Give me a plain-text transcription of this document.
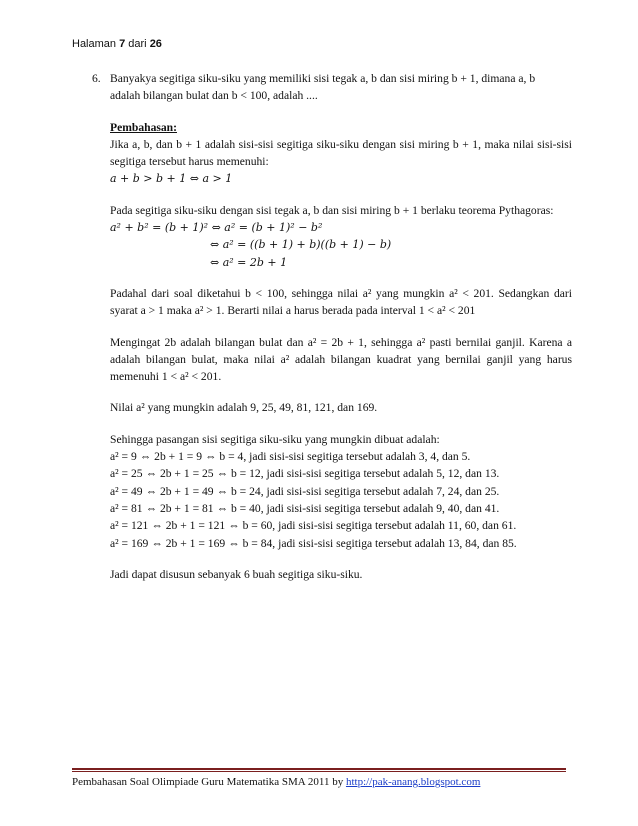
Halaman 7 dari 26
6. Banyakya segitiga siku-siku yang memiliki sisi tegak a, b dan sisi miring b + 1, dimana a, b
adalah bilangan bulat dan b < 100, adalah ....
Pembahasan:
Jika a, b, dan b + 1 adalah sisi-sisi segitiga siku-siku dengan sisi miring b + 1, maka nilai sisi-sisi segitiga tersebut harus memenuhi:
a + b > b + 1 ⇔ a > 1
Pada segitiga siku-siku dengan sisi tegak a, b dan sisi miring b + 1 berlaku teorema Pythagoras:
a² + b² = (b + 1)² ⇔ a² = (b + 1)² − b²
⇔ a² = ((b + 1) + b)((b + 1) − b)
⇔ a² = 2b + 1
Padahal dari soal diketahui b < 100, sehingga nilai a² yang mungkin a² < 201. Sedangkan dari syarat a > 1 maka a² > 1. Berarti nilai a harus berada pada interval 1 < a² < 201
Mengingat 2b adalah bilangan bulat dan a² = 2b + 1, sehingga a² pasti bernilai ganjil. Karena a adalah bilangan bulat, maka nilai a² adalah bilangan kuadrat yang bernilai ganjil yang harus memenuhi 1 < a² < 201.
Nilai a² yang mungkin adalah 9, 25, 49, 81, 121, dan 169.
Sehingga pasangan sisi segitiga siku-siku yang mungkin dibuat adalah:
a² = 9 ⇔ 2b + 1 = 9 ⇔ b = 4, jadi sisi-sisi segitiga tersebut adalah 3, 4, dan 5.
a² = 25 ⇔ 2b + 1 = 25 ⇔ b = 12, jadi sisi-sisi segitiga tersebut adalah 5, 12, dan 13.
a² = 49 ⇔ 2b + 1 = 49 ⇔ b = 24, jadi sisi-sisi segitiga tersebut adalah 7, 24, dan 25.
a² = 81 ⇔ 2b + 1 = 81 ⇔ b = 40, jadi sisi-sisi segitiga tersebut adalah 9, 40, dan 41.
a² = 121 ⇔ 2b + 1 = 121 ⇔ b = 60, jadi sisi-sisi segitiga tersebut adalah 11, 60, dan 61.
a² = 169 ⇔ 2b + 1 = 169 ⇔ b = 84, jadi sisi-sisi segitiga tersebut adalah 13, 84, dan 85.
Jadi dapat disusun sebanyak 6 buah segitiga siku-siku.
Pembahasan Soal Olimpiade Guru Matematika SMA 2011 by http://pak-anang.blogspot.com
